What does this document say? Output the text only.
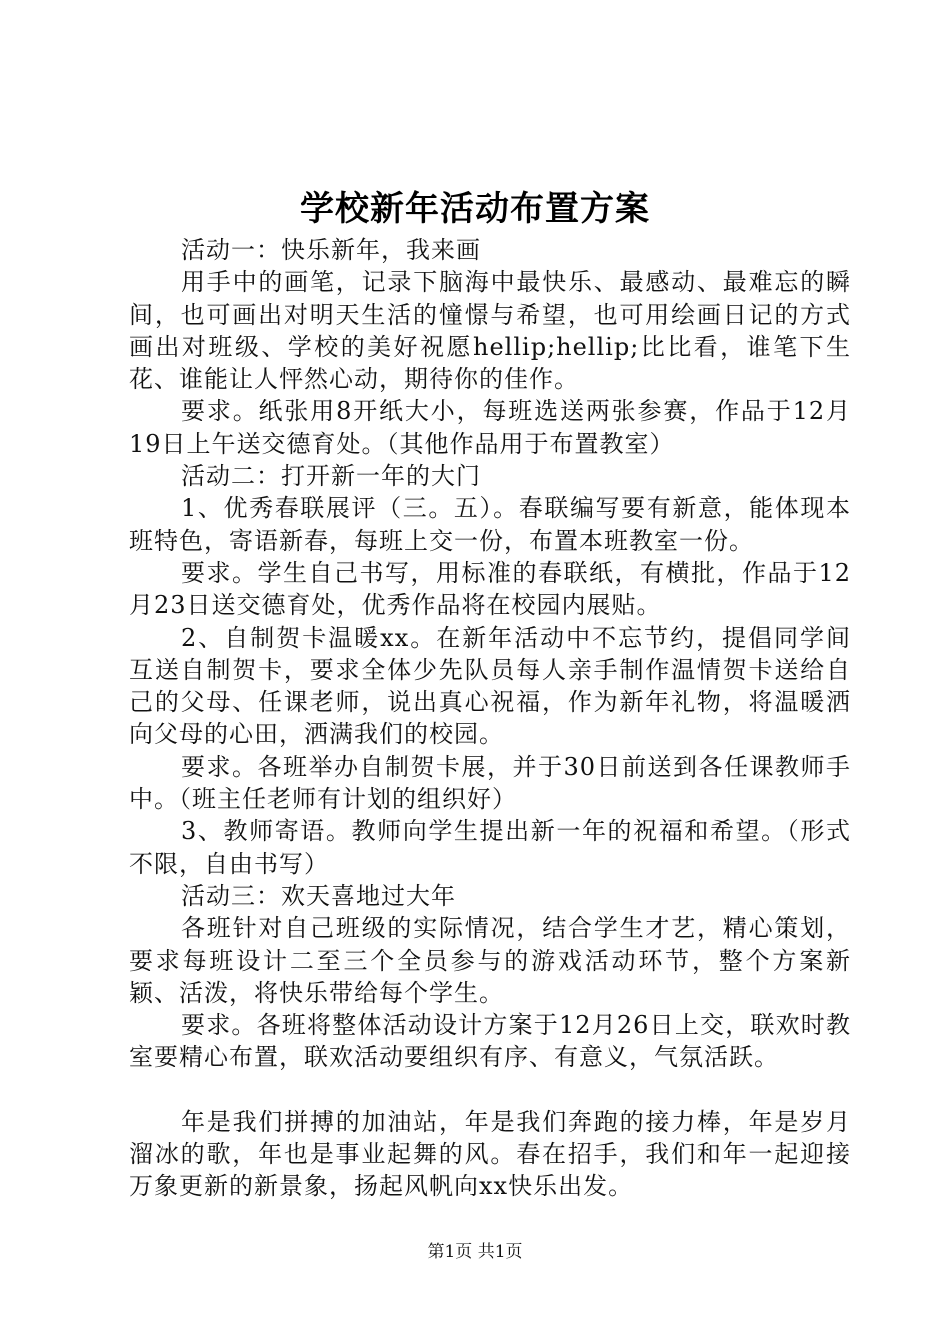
学校新年活动布置方案

活动一：快乐新年，我来画

用手中的画笔，记录下脑海中最快乐、最感动、最难忘的瞬间，也可画出对明天生活的憧憬与希望，也可用绘画日记的方式画出对班级、学校的美好祝愿hellip;hellip;比比看，谁笔下生花、谁能让人怦然心动，期待你的佳作。

要求。纸张用8开纸大小，每班选送两张参赛，作品于12月19日上午送交德育处。（其他作品用于布置教室）

活动二：打开新一年的大门

1、优秀春联展评（三。五）。春联编写要有新意，能体现本班特色，寄语新春，每班上交一份，布置本班教室一份。

要求。学生自己书写，用标准的春联纸，有横批，作品于12月23日送交德育处，优秀作品将在校园内展贴。

2、自制贺卡温暖xx。在新年活动中不忘节约，提倡同学间互送自制贺卡，要求全体少先队员每人亲手制作温情贺卡送给自己的父母、任课老师，说出真心祝福，作为新年礼物，将温暖洒向父母的心田，洒满我们的校园。

要求。各班举办自制贺卡展，并于30日前送到各任课教师手中。（班主任老师有计划的组织好）

3、教师寄语。教师向学生提出新一年的祝福和希望。（形式不限，自由书写）

活动三：欢天喜地过大年

各班针对自己班级的实际情况，结合学生才艺，精心策划，要求每班设计二至三个全员参与的游戏活动环节，整个方案新颖、活泼，将快乐带给每个学生。

要求。各班将整体活动设计方案于12月26日上交，联欢时教室要精心布置，联欢活动要组织有序、有意义，气氛活跃。

年是我们拼搏的加油站，年是我们奔跑的接力棒，年是岁月溜冰的歌，年也是事业起舞的风。春在招手，我们和年一起迎接万象更新的新景象，扬起风帆向xx快乐出发。

第1页 共1页
